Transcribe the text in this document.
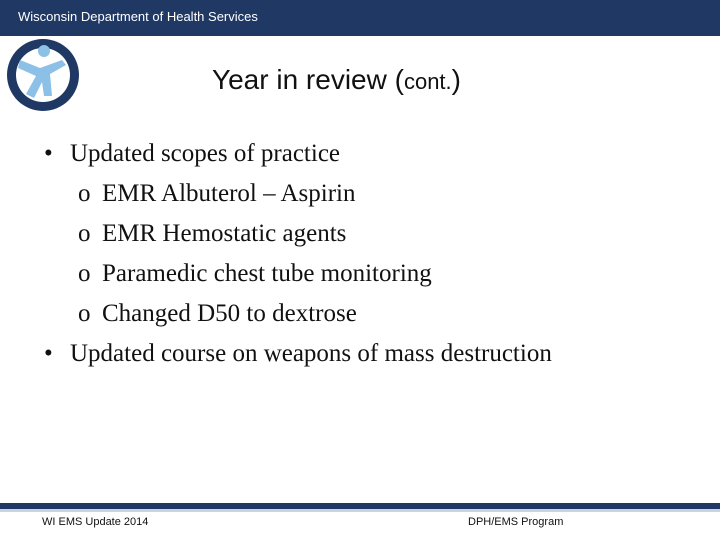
Wisconsin Department of Health Services
Year in review (cont.)
• Updated scopes of practice
o EMR Albuterol – Aspirin
o EMR Hemostatic agents
o Paramedic chest tube monitoring
o Changed D50 to dextrose
• Updated course on weapons of mass destruction
WI EMS Update 2014	DPH/EMS Program
